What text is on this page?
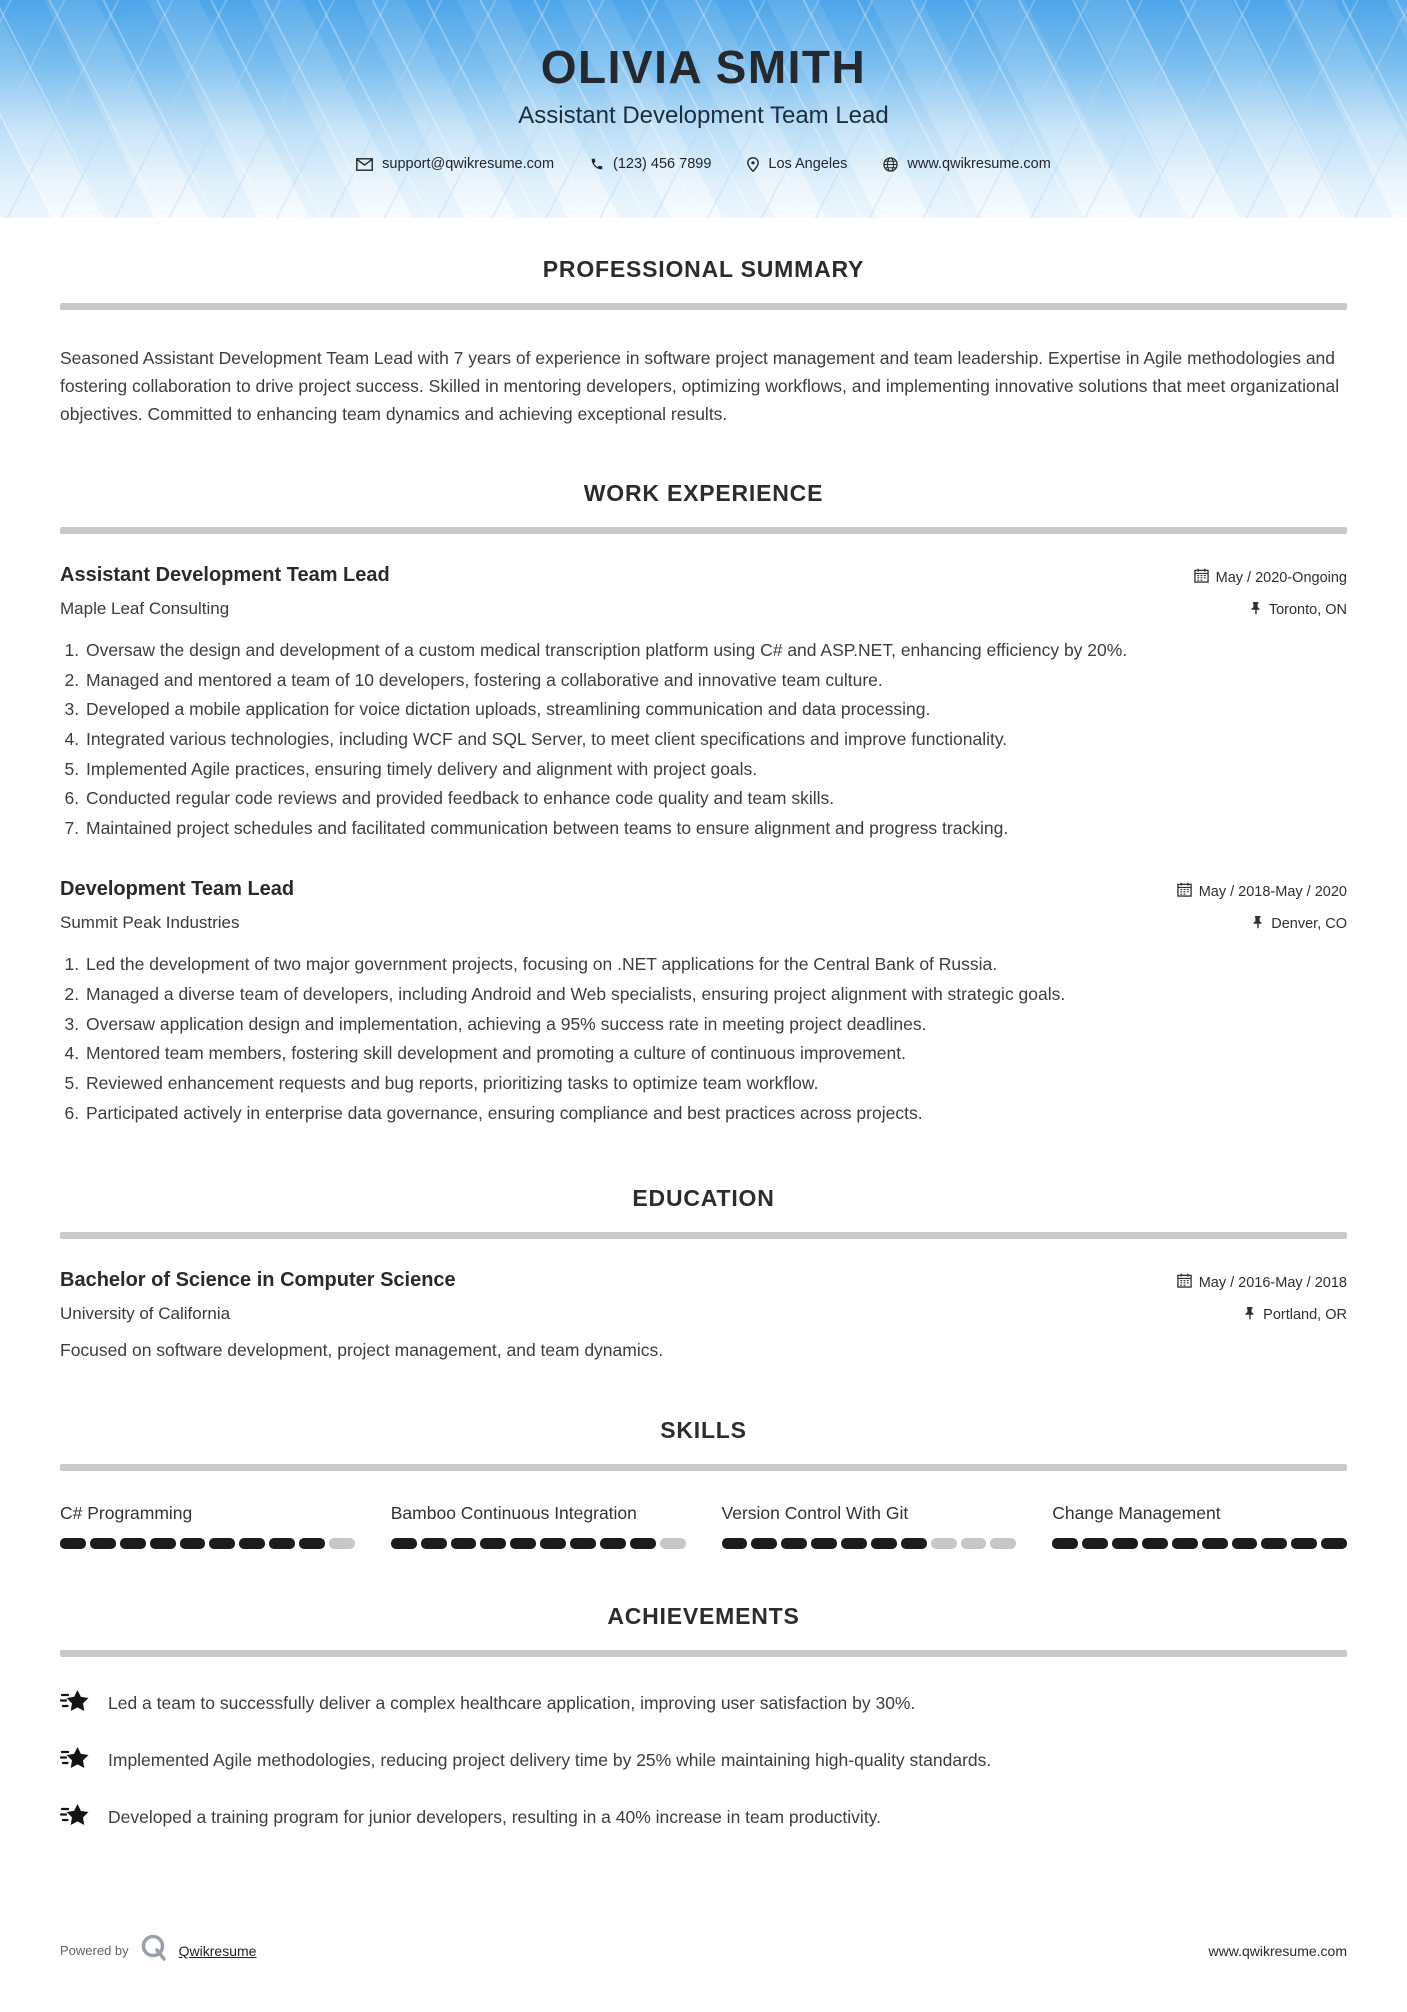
OLIVIA SMITH
Assistant Development Team Lead
support@qwikresume.com	(123) 456 7899	Los Angeles	www.qwikresume.com
PROFESSIONAL SUMMARY

Seasoned Assistant Development Team Lead with 7 years of experience in software project management and team leadership. Expertise in Agile methodologies and fostering collaboration to drive project success. Skilled in mentoring developers, optimizing workflows, and implementing innovative solutions that meet organizational objectives. Committed to enhancing team dynamics and achieving exceptional results.

WORK EXPERIENCE
Assistant Development Team Lead
Maple Leaf Consulting
May / 2020-Ongoing
Toronto, ON
1. Oversaw the design and development of a custom medical transcription platform using C# and ASP.NET, enhancing efficiency by 20%.
2. Managed and mentored a team of 10 developers, fostering a collaborative and innovative team culture.
3. Developed a mobile application for voice dictation uploads, streamlining communication and data processing.
4. Integrated various technologies, including WCF and SQL Server, to meet client specifications and improve functionality.
5. Implemented Agile practices, ensuring timely delivery and alignment with project goals.
6. Conducted regular code reviews and provided feedback to enhance code quality and team skills.
7. Maintained project schedules and facilitated communication between teams to ensure alignment and progress tracking.
Development Team Lead
Summit Peak Industries
May / 2018-May / 2020
Denver, CO
1. Led the development of two major government projects, focusing on .NET applications for the Central Bank of Russia.
2. Managed a diverse team of developers, including Android and Web specialists, ensuring project alignment with strategic goals.
3. Oversaw application design and implementation, achieving a 95% success rate in meeting project deadlines.
4. Mentored team members, fostering skill development and promoting a culture of continuous improvement.
5. Reviewed enhancement requests and bug reports, prioritizing tasks to optimize team workflow.
6. Participated actively in enterprise data governance, ensuring compliance and best practices across projects.
EDUCATION
Bachelor of Science in Computer Science
University of California
May / 2016-May / 2018
Portland, OR
Focused on software development, project management, and team dynamics.
SKILLS
C# Programming	Bamboo Continuous Integration	Version Control With Git	Change Management
ACHIEVEMENTS
Led a team to successfully deliver a complex healthcare application, improving user satisfaction by 30%.
Implemented Agile methodologies, reducing project delivery time by 25% while maintaining high-quality standards.
Developed a training program for junior developers, resulting in a 40% increase in team productivity.
Powered by	Qwikresume	www.qwikresume.com
